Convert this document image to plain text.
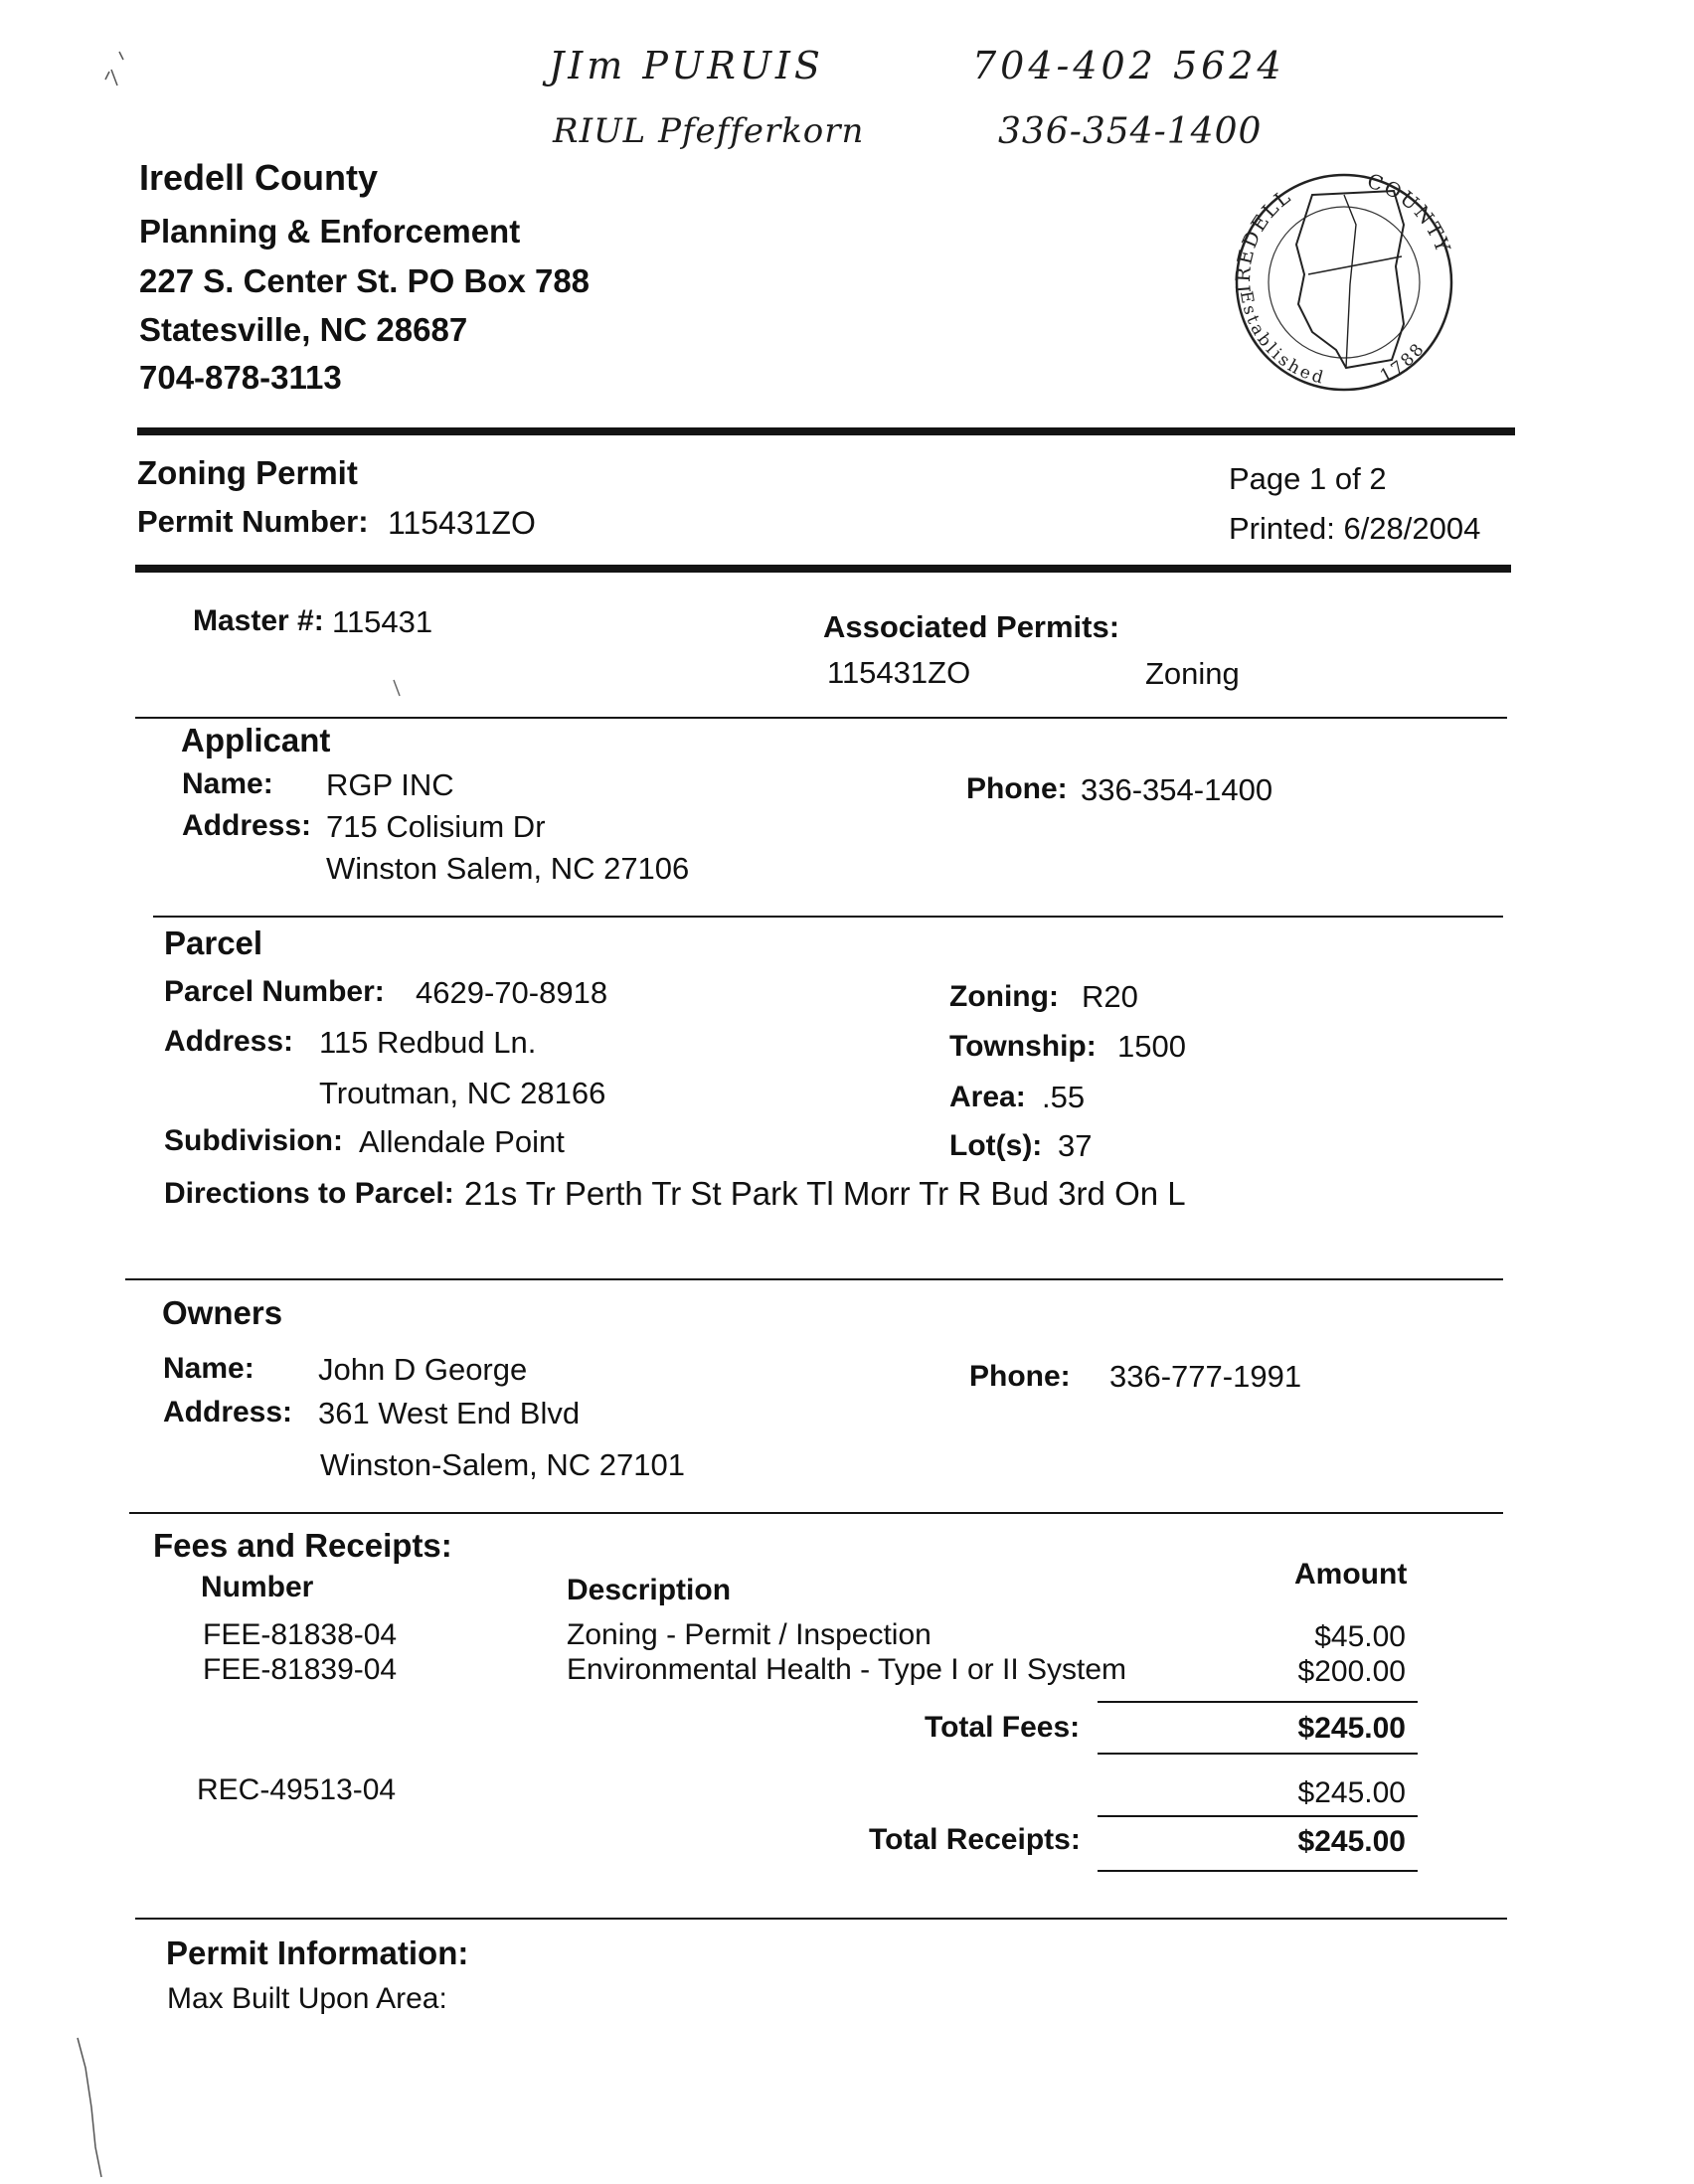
JIm PURUIS	704-402 5624
RIUL Pfefferkorn	336-354-1400
Iredell County
Planning & Enforcement
227 S. Center St. PO Box 788
Statesville, NC 28687
704-878-3113
IREDELL
COUNTY
Established	1788
Zoning Permit
Permit Number: 115431ZO
Page 1 of 2
Printed: 6/28/2004
Master #: 115431	Associated Permits:
115431ZO	Zoning
Applicant
Name: RGP INC
Address: 715 Colisium Dr
Winston Salem, NC 27106
Phone: 336-354-1400
Parcel
Parcel Number: 4629-70-8918
Address: 115 Redbud Ln.
Troutman, NC 28166
Subdivision: Allendale Point
Directions to Parcel: 21s Tr Perth Tr St Park Tl Morr Tr R Bud 3rd On L
Zoning: R20
Township: 1500
Area: .55
Lot(s): 37
Owners
Name: John D George
Address: 361 West End Blvd
Winston-Salem, NC 27101
Phone: 336-777-1991
Fees and Receipts:
Number	Description	Amount
FEE-81838-04	Zoning - Permit / Inspection	$45.00
FEE-81839-04	Environmental Health - Type I or II System	$200.00
Total Fees:	$245.00
REC-49513-04	$245.00
Total Receipts:	$245.00
Permit Information:
Max Built Upon Area:
